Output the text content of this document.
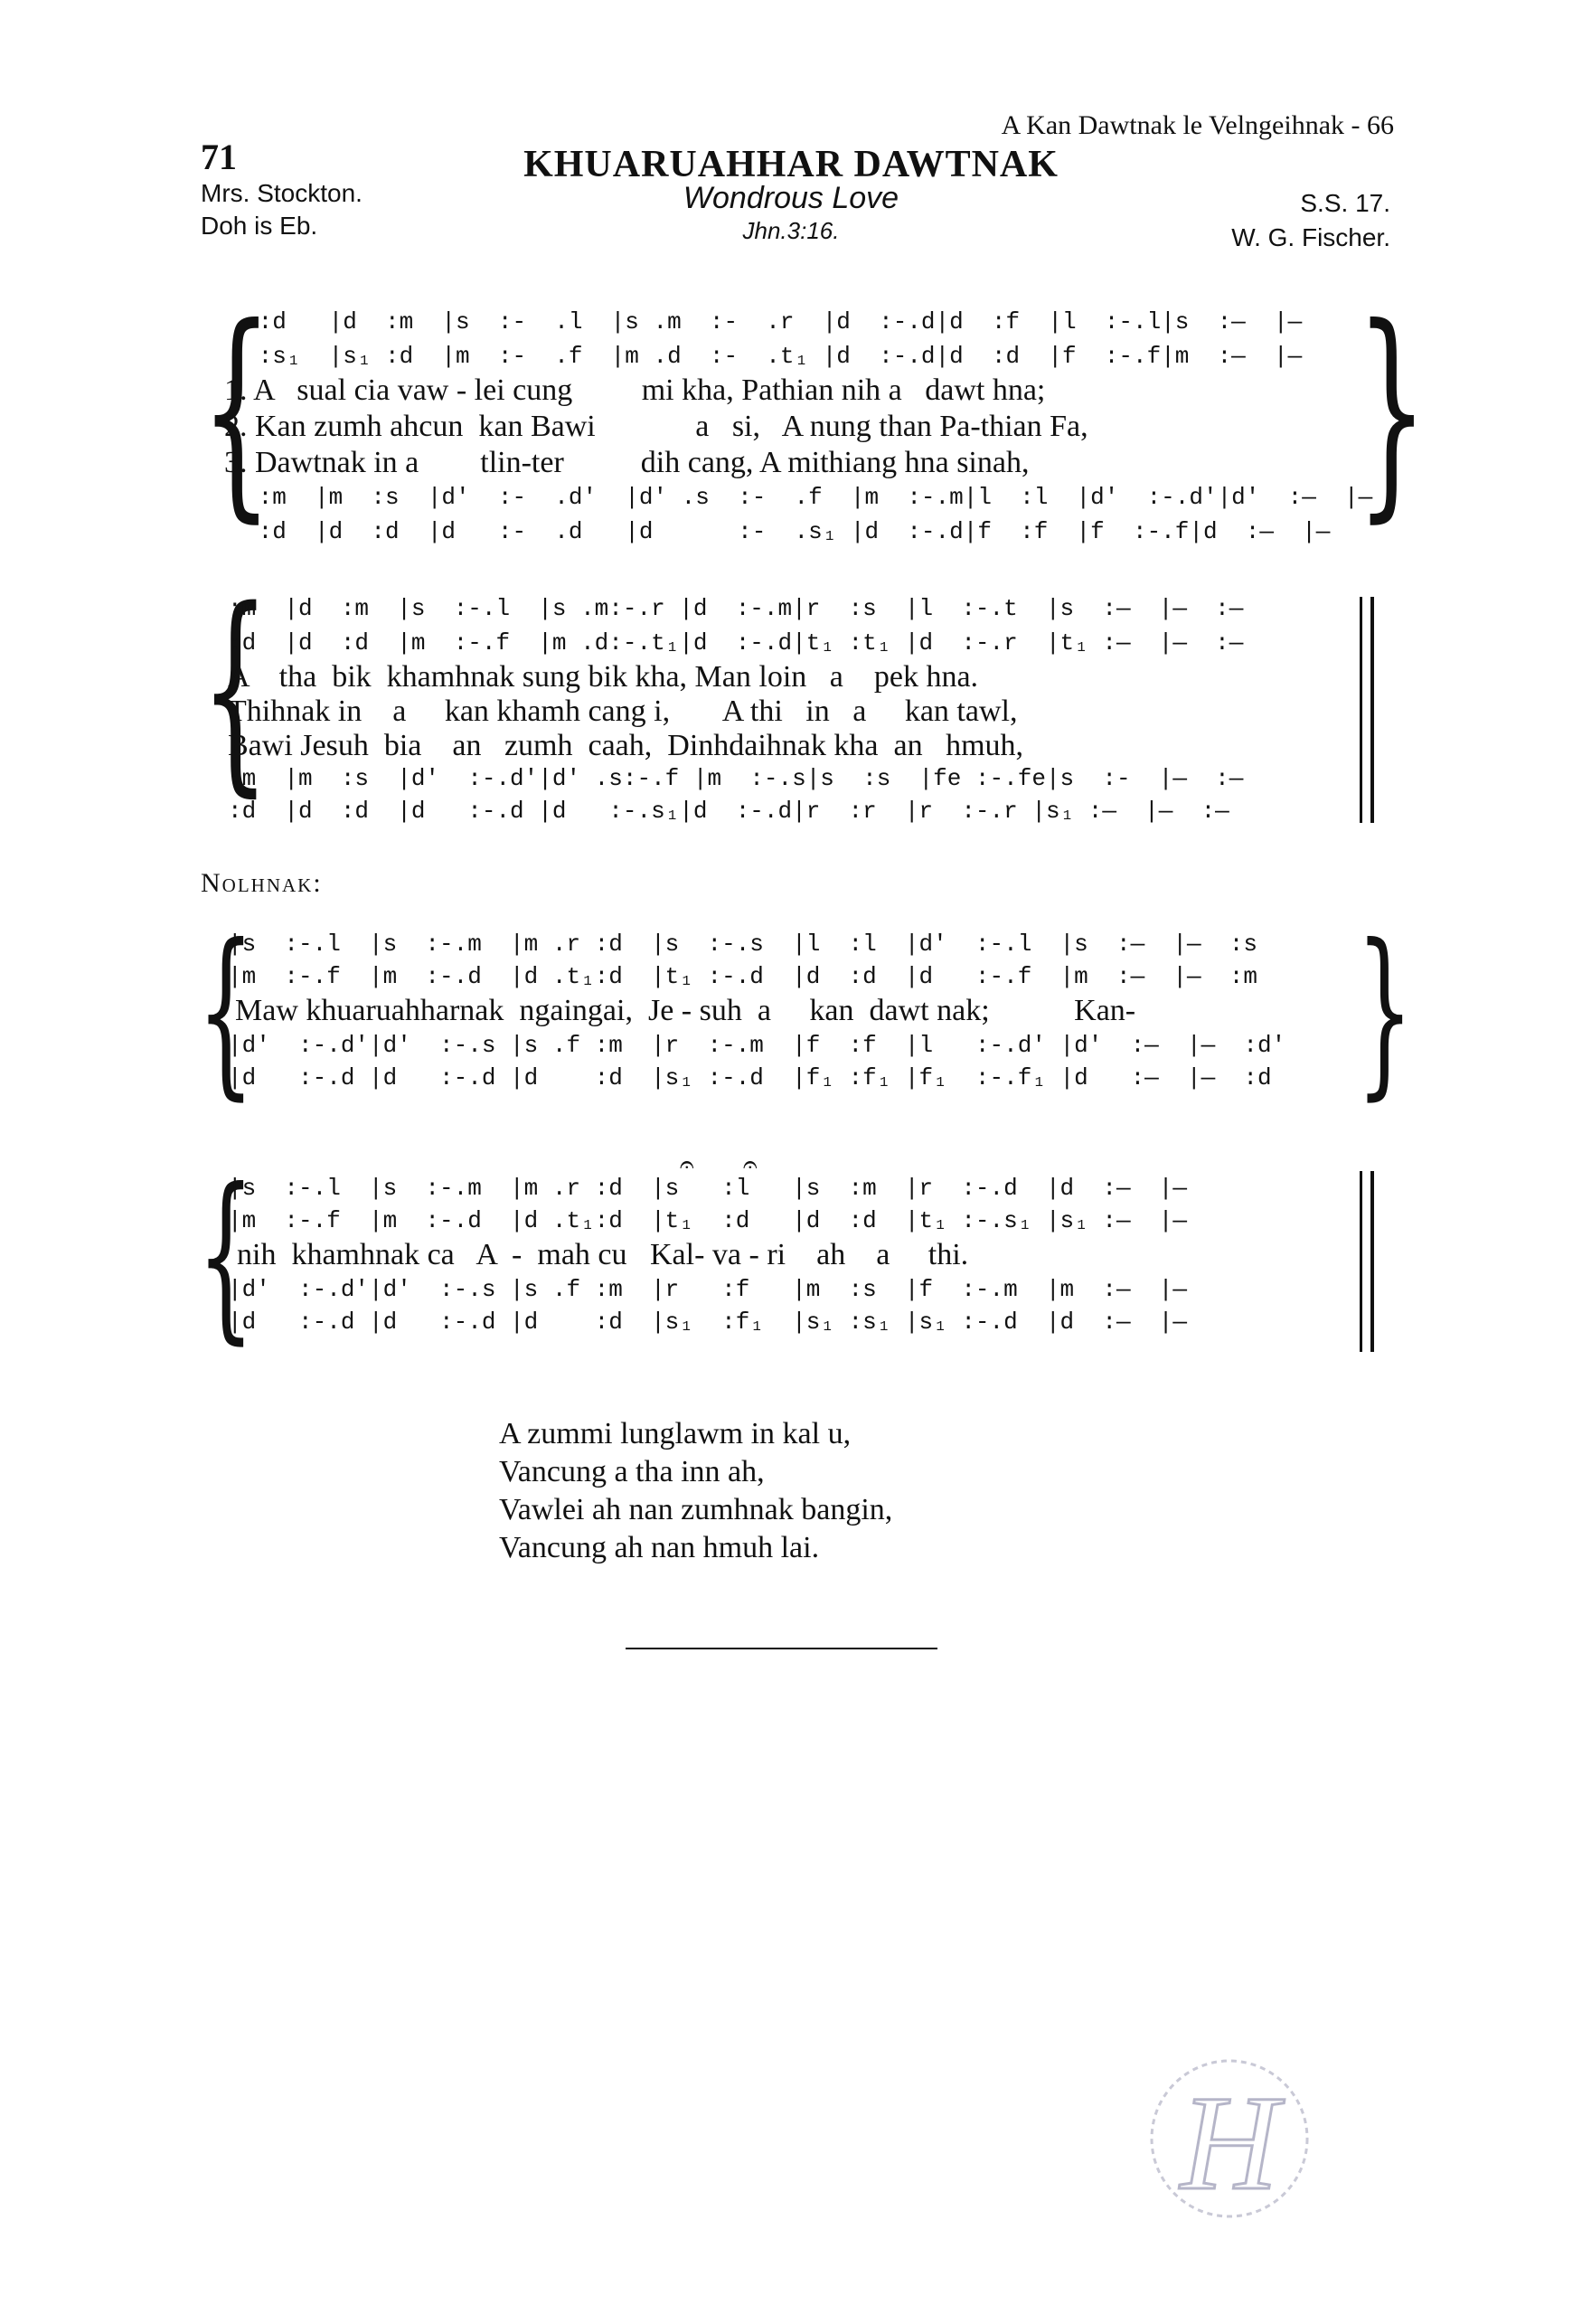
A Kan Dawtnak le Velngeihnak - 66
71	KHUARUAHHAR DAWTNAK
Wondrous Love
Jhn.3:16.
Mrs. Stockton.
Doh is Eb.
S.S. 17.
W. G. Fischer.
{	}
:d   |d  :m  |s  :-  .l  |s .m  :-  .r  |d  :-.d|d  :f  |l  :-.l|s  :—  |—
:s₁  |s₁ :d  |m  :-  .f  |m .d  :-  .t₁ |d  :-.d|d  :d  |f  :-.f|m  :—  |—
1. A   sual cia vaw - lei cung         mi kha, Pathian nih a   dawt hna;
2. Kan zumh ahcun  kan Bawi             a   si,   A nung than Pa-thian Fa,
3. Dawtnak in a        tlin-ter          dih cang, A mithiang hna sinah,
:m  |m  :s  |d'  :-  .d'  |d' .s  :-  .f  |m  :-.m|l  :l  |d'  :-.d'|d'  :—  |—
:d  |d  :d  |d   :-  .d   |d      :-  .s₁ |d  :-.d|f  :f  |f  :-.f|d  :—  |—
{
:m  |d  :m  |s  :-.l  |s .m:-.r |d  :-.m|r  :s  |l  :-.t  |s  :—  |—  :—
:d  |d  :d  |m  :-.f  |m .d:-.t₁|d  :-.d|t₁ :t₁ |d  :-.r  |t₁ :—  |—  :—
A    tha  bik  khamhnak sung bik kha, Man loin   a    pek hna.
Thihnak in    a     kan khamh cang i,       A thi   in   a     kan tawl,
Bawi Jesuh  bia    an   zumh  caah,  Dinhdaihnak kha  an   hmuh,
:m  |m  :s  |d'  :-.d'|d' .s:-.f |m  :-.s|s  :s  |fe :-.fe|s  :-  |—  :—
:d  |d  :d  |d   :-.d |d   :-.s₁|d  :-.d|r  :r  |r  :-.r |s₁ :—  |—  :—
Nolhnak:
{	}
|s  :-.l  |s  :-.m  |m .r :d  |s  :-.s  |l  :l  |d'  :-.l  |s  :—  |—  :s
|m  :-.f  |m  :-.d  |d .t₁:d  |t₁ :-.d  |d  :d  |d   :-.f  |m  :—  |—  :m
Maw khuaruahharnak  ngaingai,  Je - suh  a     kan  dawt nak;           Kan-
|d'  :-.d'|d'  :-.s |s .f :m  |r  :-.m  |f  :f  |l   :-.d' |d'  :—  |—  :d'
|d   :-.d |d   :-.d |d    :d  |s₁ :-.d  |f₁ :f₁ |f₁  :-.f₁ |d   :—  |—  :d
{	𝄐 𝄐
|s  :-.l  |s  :-.m  |m .r :d  |s   :l   |s  :m  |r  :-.d  |d  :—  |—
|m  :-.f  |m  :-.d  |d .t₁:d  |t₁  :d   |d  :d  |t₁ :-.s₁ |s₁ :—  |—
nih  khamhnak ca   A  -  mah cu   Kal- va - ri    ah    a     thi.
|d'  :-.d'|d'  :-.s |s .f :m  |r   :f   |m  :s  |f  :-.m  |m  :—  |—
|d   :-.d |d   :-.d |d    :d  |s₁  :f₁  |s₁ :s₁ |s₁ :-.d  |d  :—  |—
A zummi lunglawm in kal u,
Vancung a tha inn ah,
Vawlei ah nan zumhnak bangin,
Vancung ah nan hmuh lai.
H
